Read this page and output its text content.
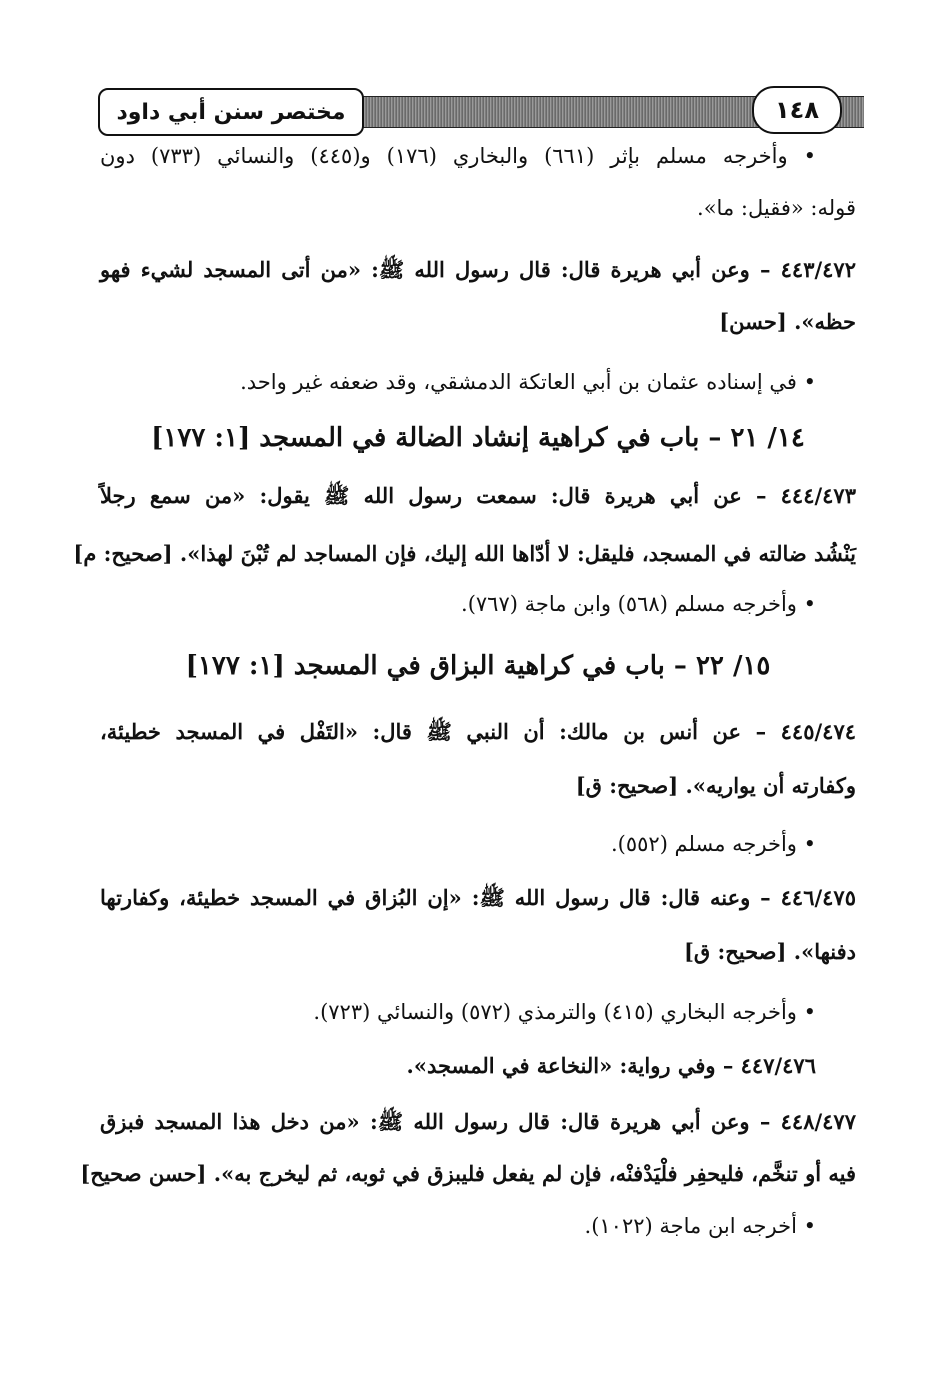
مختصر سنن أبي داود	١٤٨
• وأخرجه مسلم بإثر (٦٦١) والبخاري (١٧٦) و(٤٤٥) والنسائي (٧٣٣) دون
قوله: «فقيل: ما».
٤٤٣/٤٧٢ – وعن أبي هريرة قال: قال رسول الله ﷺ: «من أتى المسجد لشيء فهو
حظه». [حسن]
• في إسناده عثمان بن أبي العاتكة الدمشقي، وقد ضعفه غير واحد.
١٤/ ٢١ – باب في كراهية إنشاد الضالة في المسجد [١: ١٧٧]
٤٤٤/٤٧٣ – عن أبي هريرة قال: سمعت رسول الله ﷺ يقول: «من سمع رجلاً
يَنْشُد ضالته في المسجد، فليقل: لا أدّاها الله إليك، فإن المساجد لم تُبْنَ لهذا». [صحيح: م]
• وأخرجه مسلم (٥٦٨) وابن ماجة (٧٦٧).
١٥/ ٢٢ – باب في كراهية البزاق في المسجد [١: ١٧٧]
٤٤٥/٤٧٤ – عن أنس بن مالك: أن النبي ﷺ قال: «التَفْل في المسجد خطيئة،
وكفارته أن يواريه». [صحيح: ق]
• وأخرجه مسلم (٥٥٢).
٤٤٦/٤٧٥ – وعنه قال: قال رسول الله ﷺ: «إن البُزاق في المسجد خطيئة، وكفارتها
دفنها». [صحيح: ق]
• وأخرجه البخاري (٤١٥) والترمذي (٥٧٢) والنسائي (٧٢٣).
٤٤٧/٤٧٦ – وفي رواية: «النخاعة في المسجد».
٤٤٨/٤٧٧ – وعن أبي هريرة قال: قال رسول الله ﷺ: «من دخل هذا المسجد فبزق
فيه أو تنخَّم، فليحفِر فلْيَدْفنْه، فإن لم يفعل فليبزق في ثوبه، ثم ليخرج به». [حسن صحيح]
• أخرجه ابن ماجة (١٠٢٢).
